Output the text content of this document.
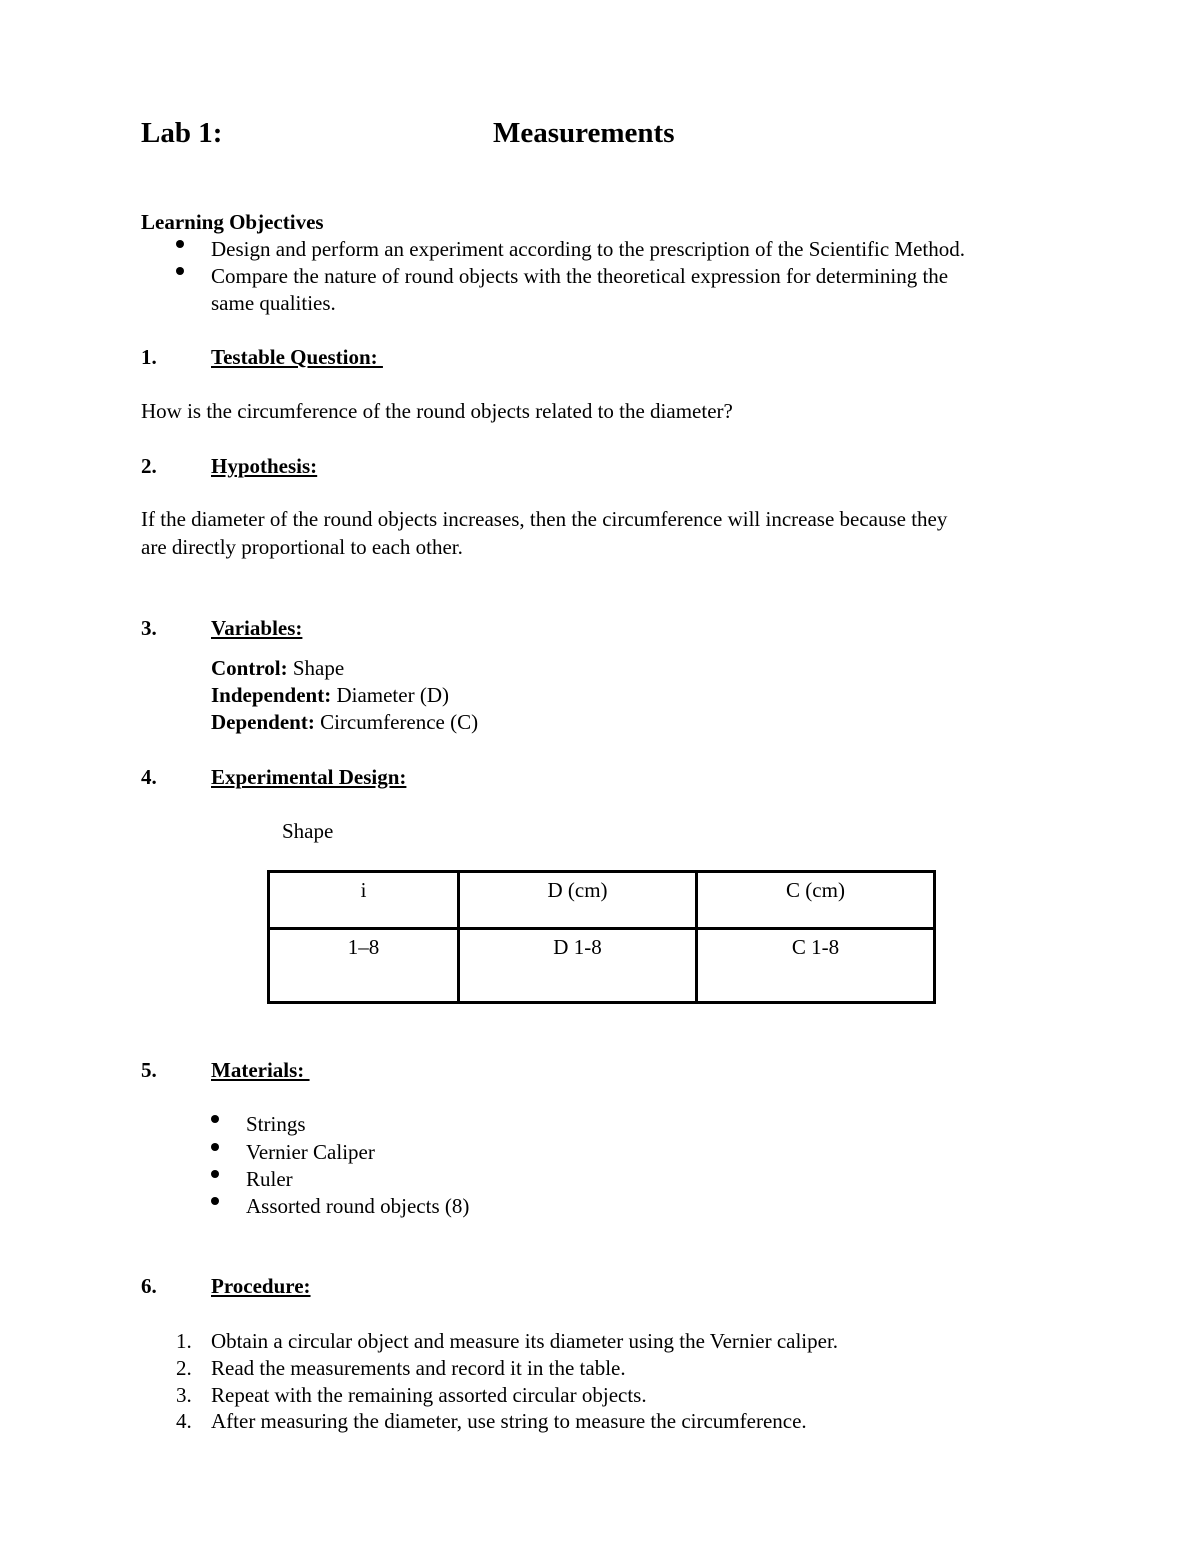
Lab 1:	Measurements
Learning Objectives
Design and perform an experiment according to the prescription of the Scientific Method.
Compare the nature of round objects with the theoretical expression for determining the
same qualities.
1.	Testable Question:
How is the circumference of the round objects related to the diameter?
2.	Hypothesis:
If the diameter of the round objects increases, then the circumference will increase because they
are directly proportional to each other.
3.	Variables:
Control: Shape
Independent: Diameter (D)
Dependent: Circumference (C)
4.	Experimental Design:
Shape
i	D (cm)	C (cm)
1–8	D 1-8	C 1-8
5.	Materials:
Strings
Vernier Caliper
Ruler
Assorted round objects (8)
6.	Procedure:
1. Obtain a circular object and measure its diameter using the Vernier caliper.
2. Read the measurements and record it in the table.
3. Repeat with the remaining assorted circular objects.
4. After measuring the diameter, use string to measure the circumference.
